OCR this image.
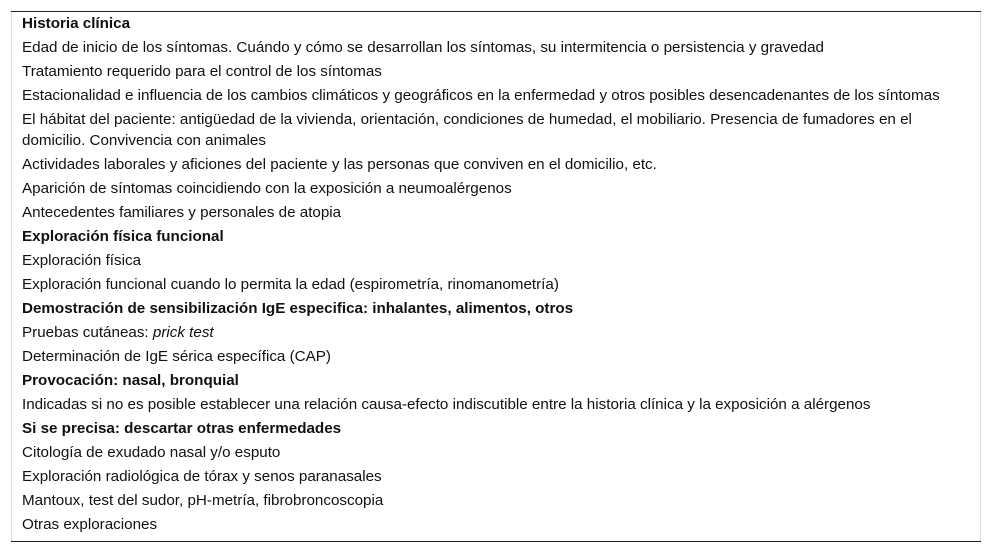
Historia clínica
Edad de inicio de los síntomas. Cuándo y cómo se desarrollan los síntomas, su intermitencia o persistencia y gravedad
Tratamiento requerido para el control de los síntomas
Estacionalidad e influencia de los cambios climáticos y geográficos en la enfermedad y otros posibles desencadenantes de los síntomas
El hábitat del paciente: antigüedad de la vivienda, orientación, condiciones de humedad, el mobiliario. Presencia de fumadores en el domicilio. Convivencia con animales
Actividades laborales y aficiones del paciente y las personas que conviven en el domicilio, etc.
Aparición de síntomas coincidiendo con la exposición a neumoalérgenos
Antecedentes familiares y personales de atopia
Exploración física funcional
Exploración física
Exploración funcional cuando lo permita la edad (espirometría, rinomanometría)
Demostración de sensibilización IgE especifica: inhalantes, alimentos, otros
Pruebas cutáneas: prick test
Determinación de IgE sérica específica (CAP)
Provocación: nasal, bronquial
Indicadas si no es posible establecer una relación causa-efecto indiscutible entre la historia clínica y la exposición a alérgenos
Si se precisa: descartar otras enfermedades
Citología de exudado nasal y/o esputo
Exploración radiológica de tórax y senos paranasales
Mantoux, test del sudor, pH-metría, fibrobroncoscopia
Otras exploraciones
